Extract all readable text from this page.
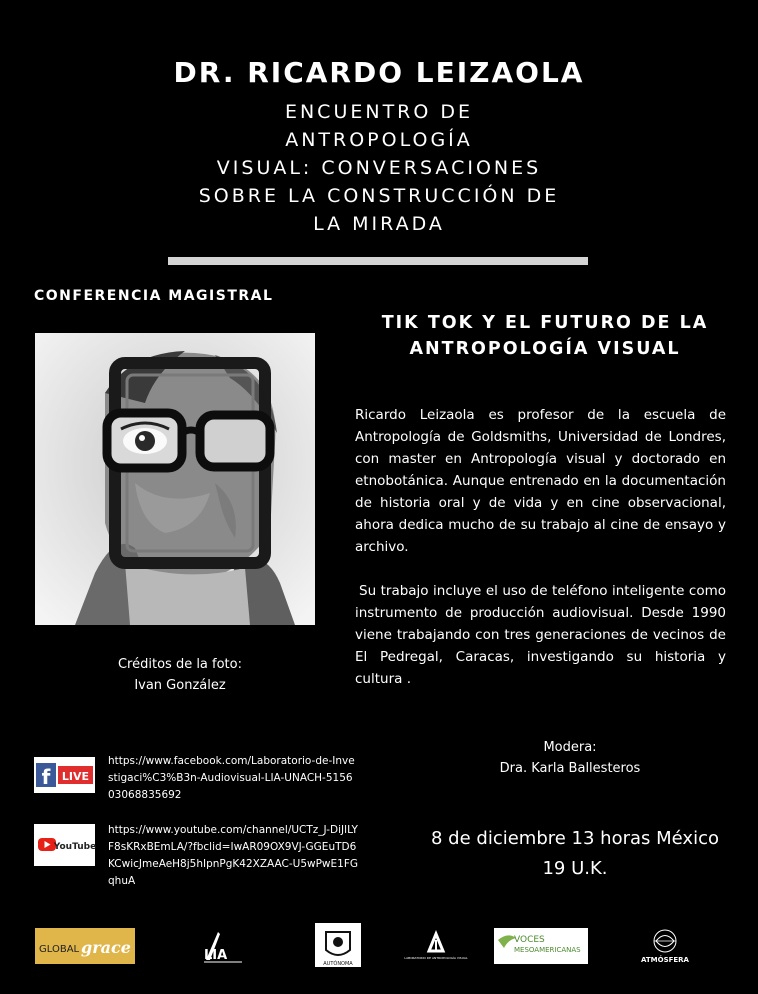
DR. RICARDO LEIZAOLA
ENCUENTRO DE
ANTROPOLOGÍA
VISUAL: CONVERSACIONES
SOBRE LA CONSTRUCCIÓN DE
LA MIRADA
CONFERENCIA MAGISTRAL
TIK TOK Y EL FUTURO DE LA
ANTROPOLOGÍA VISUAL
Créditos de la foto:
Ivan González

Ricardo Leizaola es profesor de la escuela de Antropología de Goldsmiths, Universidad de Londres, con master en Antropología visual y doctorado en etnobotánica. Aunque entrenado en la documentación de historia oral y de vida y en cine observacional, ahora dedica mucho de su trabajo al cine de ensayo y archivo.

Su trabajo incluye el uso de teléfono inteligente como instrumento de producción audiovisual. Desde 1990 viene trabajando con tres generaciones de vecinos de El Pedregal, Caracas, investigando su historia y cultura .

Modera:
Dra. Karla Ballesteros
8 de diciembre 13 horas México
19 U.K.
f LIVE
https://www.facebook.com/Laboratorio-de-Investigaci%C3%B3n-Audiovisual-LIA-UNACH-515603068835692
YouTube
https://www.youtube.com/channel/UCTz_J-DiJlLYF8sKRxBEmLA/?fbclid=IwAR09OX9VJ-GGEuTD6KCwicJmeAeH8j5hIpnPgK42XZAAC-U5wPwE1FGqhuA
GLOBAL grace	LIA
AUTÓNOMA
LABORATORIO DE ANTROPOLOGÍA VISUAL
VOCES
MESOAMERICANAS
ATMÓSFERA
